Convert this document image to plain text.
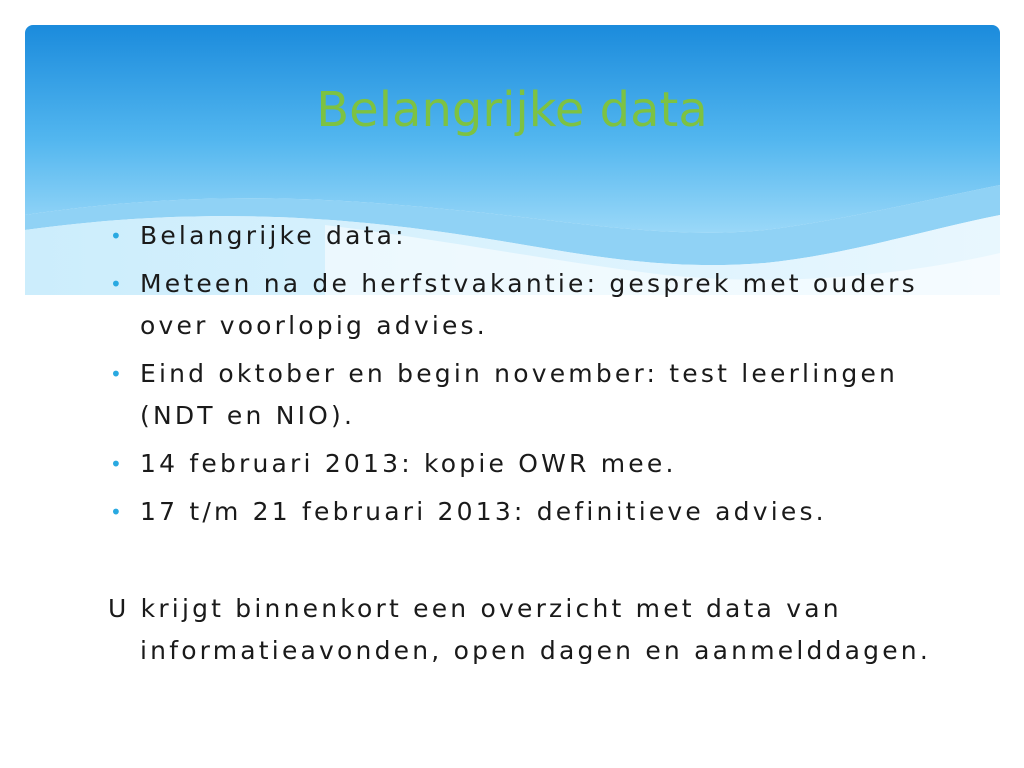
Belangrijke data
• Belangrijke data:
• Meteen na de herfstvakantie: gesprek met ouders over voorlopig advies.
• Eind oktober en begin november: test leerlingen (NDT en NIO).
• 14 februari 2013: kopie OWR mee.
• 17 t/m 21 februari 2013: definitieve advies.

U krijgt binnenkort een overzicht met data van informatieavonden, open dagen en aanmelddagen.
